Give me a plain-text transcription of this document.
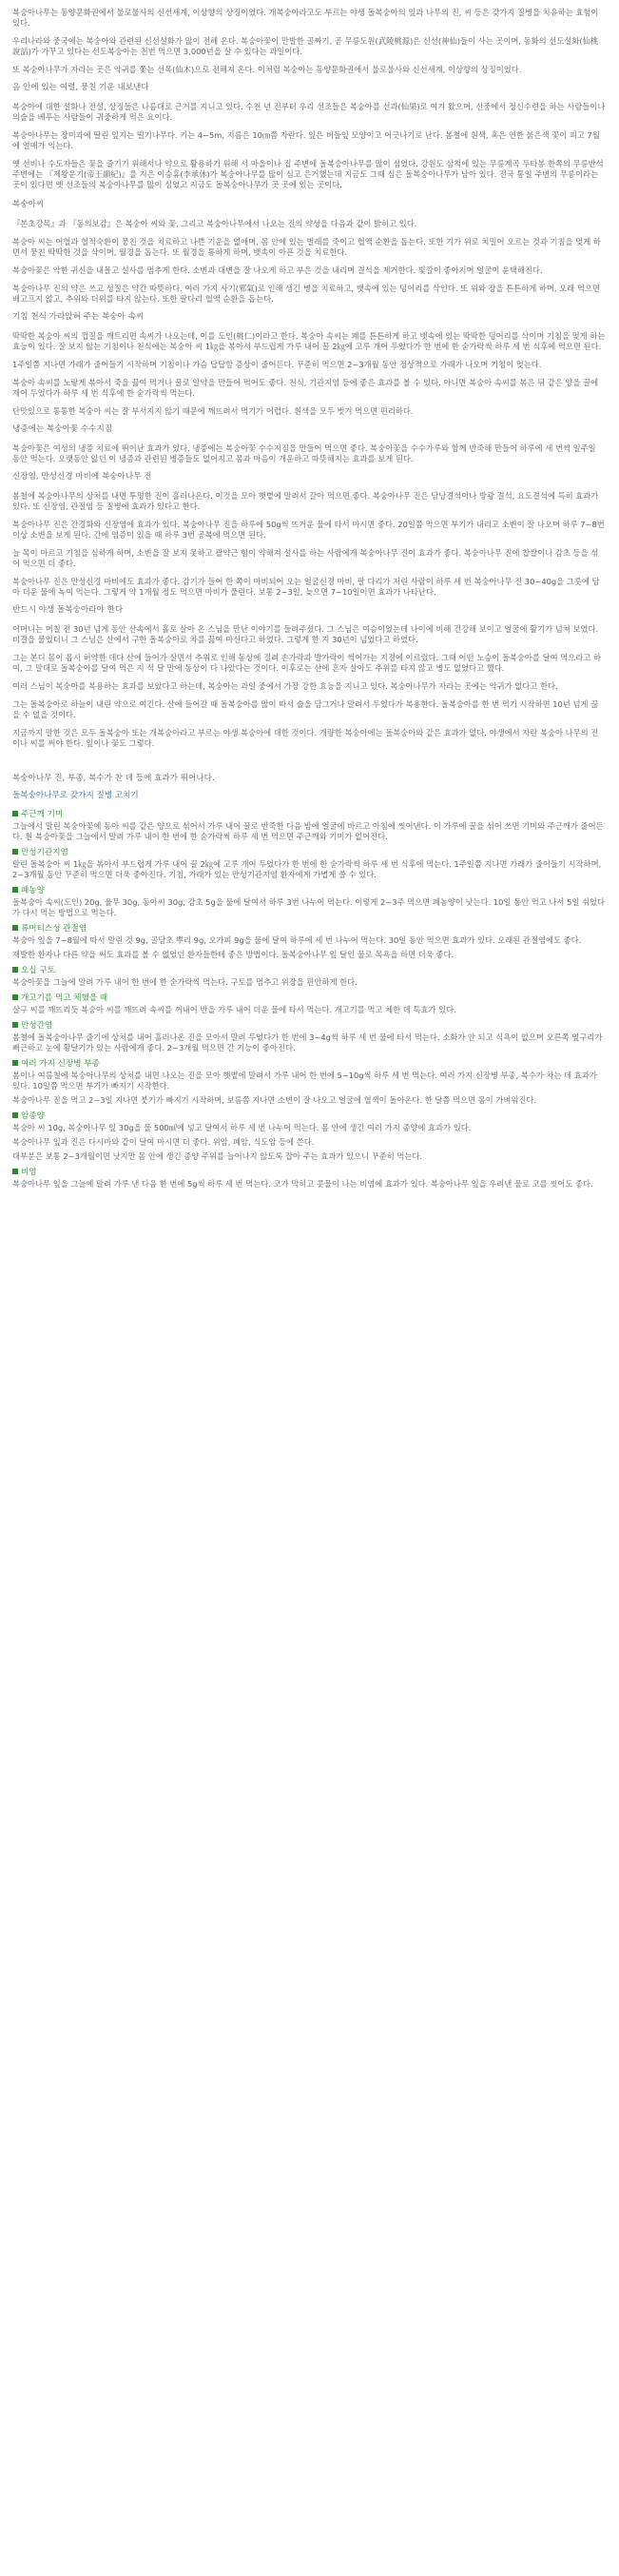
복숭아나무는 동양문화권에서 불로불사의 신선세계, 이상향의 상징이었다. 개복숭아라고도 부르는 야생 돌복숭아의 잎과 나무의 진, 씨 등은 갖가지 질병을 치유하는 효험이 있다.

우리나라와 중국에는 복숭아와 관련된 신선설화가 많이 전해 온다. 복숭아꽃이 만발한 골짜기, 곧 무릉도원(武陵桃源)은 신선(神仙)들이 사는 곳이며, 동화의 선도설화(仙桃說話)가 가꾸고 있다는 선도복숭아는 천번 먹으면 3,000년을 살 수 있다는 과일이다.

또 복숭아나무가 자라는 곳은 악귀를 쫓는 선목(仙木)으로 전해져 온다. 이처럼 복숭아는 동양문화권에서 불로불사와 신선세계, 이상향의 상징이었다.

옴 안에 있는 여렬, 뭉친 기운 내보낸다

복숭아에 대한 설화나 전설, 상징들은 나름대로 근거를 지니고 있다. 수천 년 전부터 우리 선조들은 복숭아를 선과(仙果)로 여겨 왔으며, 신중에서 정신수련을 하는 사람들이나 의술을 베푸는 사람들이 귀중하게 먹은 요이다.

복숭아나무는 장미과에 딸린 잎지는 떨기나무다. 키는 4~5m, 지름은 10㎝쯤 자란다. 잎은 버들잎 모양이고 어긋나기로 난다. 봄철에 흰색, 혹은 연한 붉은색 꽃이 피고 7월에 열매가 익는다.

옛 선비나 수도자들은 꽃을 즐기기 위해서나 약으로 활용하기 위해 서 마을이나 집 주변에 돌복숭아나무를 많이 심었다. 강원도 삼척에 있는 무릉계곡 두타봉 한쪽의 무릉반석 주변에는 『제왕운기(帝王韻紀)』를 지은 이승휴(李承休)가 복숭아나무를 많이 심고 은거했는데 지금도 그때 심은 돌복숭아나무가 남아 있다. 전국 통일 주변의 무릉이라는 곳이 있다면 옛 선조들의 복숭아나무를 많이 심었고 지금도 돌복숭아나무가 곳 곳에 있는 곳이다.

복숭아씨

『본초강목』과 『동의보감』은 복숭아 씨와 꽃, 그리고 복숭아나무에서 나오는 진의 약성을 다음과 같이 밝히고 있다.

복숭아 씨는 어혈과 혈적숙환이 뭉친 것을 치료하고 나쁜 기운을 없애며, 몸 안에 있는 벌레를 죽이고 혈액 순환을 돕는다. 또한 기가 위로 치밀어 오르는 것과 기침을 멎게 하면서 뭉친 딱딱한 것을 삭이며, 월경을 돕는다. 또 월경을 통하게 하며, 뱃속이 아픈 것을 치료한다.

복숭아꽃은 악한 귀신을 내몰고 설사를 멈추게 한다. 소변과 대변을 잘 나오게 하고 부은 것을 내리며 결석을 제거한다. 빛깔이 좋아지며 얼굴이 윤택해진다.

복숭아나무 진의 약은 쓰고 성질은 약간 따뜻하다. 여러 가지 사기(邪氣)로 인해 생긴 병을 치료하고, 뱃속에 있는 덩어리를 삭인다. 또 위와 장을 튼튼하게 하며, 오래 먹으면 배고프지 않고, 추위와 더위를 타지 않는다. 또한 팔다리 혈액 순환을 돕는다.

기침 천식 가라앉혀 주는 복숭아 속씨

딱딱한 복숭아 씨의 껍질을 깨트리면 속씨가 나오는데, 이를 도인(桃仁)이라고 한다. 복숭아 속씨는 폐를 튼튼하게 하고 뱃속에 있는 딱딱한 덩어리를 삭이며 기침을 멎게 하는 효능이 있다. 잘 보지 않는 기침이나 천식에는 복숭아 씨 1㎏을 볶아서 부드럽게 가루 내어 꿀 2㎏에 고루 개어 두었다가 한 번에 한 숟가락씩 하루 세 번 식후에 먹으면 된다.

1주일쯤 지나면 가래가 줄어들기 시작하며 기침이나 가슴 답답함 증상이 줄어든다. 꾸준히 먹으면 2~3개월 동안 정상적으로 가래가 나오며 기침이 멎는다.

복숭아 속씨를 노랗게 볶아서 죽을 끓여 먹거나 꿀로 알약을 만들어 먹어도 좋다. 천식, 기관지염 등에 좋은 효과를 볼 수 있다. 아니면 복숭아 속씨를 볶은 뒤 같은 양을 꿀에 재어 두었다가 하루 세 번 식후에 한 숟가락씩 먹는다.

단맛있으로 통통한 복숭아 씨는 잘 부서지지 않기 때문에 깨뜨려서 먹기가 어렵다. 흰색을 모두 벗겨 먹으면 편리하다.

냉증에는 복숭아꽃 수수지짐

복숭아꽃은 여성의 냉증 치료에 뛰어난 효과가 있다. 냉증에는 복숭아꽃 수수지짐을 만들어 먹으면 좋다. 복숭아꽃을 수수가루와 함께 반죽해 만들어 하루에 세 번씩 일주일 동안 먹는다. 오랫동안 앓던 이 냉증과 관련된 병증들도 없어지고 몸과 마음이 개운하고 따뜻해지는 효과를 보게 된다.

신장염, 만성신경 마비에 복숭아나무 진

봄철에 복숭아나무의 상처를 내면 투명한 진이 흘러나온다. 이것을 모아 햇볕에 말려서 갈아 먹으면 좋다. 복숭아나무 진은 담낭결석이나 방광 결석, 요도결석에 특히 효과가 있다. 또 신장염, 관절염 등 질병에 효과가 있다고 한다.

복숭아나무 진은 간경화와 신장염에 효과가 있다. 복숭아나무 진을 하루에 50g씩 뜨거운 물에 타서 마시면 좋다. 20일쯤 먹으면 부기가 내리고 소변이 잘 나오며 하루 7~8번 이상 소변을 보게 된다. 간에 염증이 있을 때 하루 3번 공복에 먹으면 된다.

늘 목이 마르고 기침을 심하게 하며, 소변을 잘 보지 못하고 괄약근 힘이 약해져 설사를 하는 사람에게 복숭아나무 진이 효과가 좋다. 복숭아나무 진에 찹쌀이나 감초 등을 섞어 먹으면 더 좋다.

복숭아나무 진은 만성신경 마비에도 효과가 좋다. 감기가 들어 한 쪽이 마비되어 오는 얼굴신경 마비, 팔 다리가 저린 사람이 하루 세 번 복숭아나무 진 30~40g을 그릇에 담아 더운 물에 녹여 먹는다. 그렇게 약 1개월 정도 먹으면 마비가 풀린다. 보통 2~3일, 늦으면 7~10일이면 효과가 나타난다.

반드시 야생 돌복숭아라야 한다

어머니는 며칠 전 30년 넘게 동안 산속에서 홀로 살아 온 스님을 만난 이야기를 들려주셨다. 그 스님은 여승이었는데 나이에 비해 건강해 보이고 얼굴에 활기가 넘쳐 보였다. 비결을 물었더니 그 스님은 산에서 구한 돌복숭아로 차를 끓여 마신다고 하였다. 그렇게 한 지 30년이 넘었다고 하였다.

그는 본디 몸이 몹시 허약한 데다 산에 들어가 살면서 추위로 인해 동상에 걸려 손가락과 발가락이 썩어가는 지경에 이르렀다. 그때 어떤 노승이 돌복숭아를 달여 먹으라고 하여, 그 말대로 돌복숭아를 달여 먹은 지 석 달 만에 동상이 다 나았다는 것이다. 이후로는 산에 혼자 살아도 추위를 타지 않고 병도 없었다고 했다.

여러 스님이 복숭아를 복용하는 효과를 보았다고 하는데, 복숭아는 과일 중에서 가장 강한 효능을 지니고 있다. 복숭아나무가 자라는 곳에는 악귀가 없다고 한다.

그는 돌복숭아로 하늘이 내린 약으로 여긴다. 산에 들어갈 때 돌복숭아를 많이 따서 술을 담그거나 말려서 두었다가 복용한다. 돌복숭아를 한 번 먹기 시작하면 10년 넘게 끊을 수 없을 것이다.

지금까지 말한 것은 모두 돌복숭아 또는 개복숭아라고 부르는 야생 복숭아에 대한 것이다. 개량한 복숭아에는 돌복숭아와 같은 효과가 없다. 야생에서 자란 복숭아 나무의 진이나 씨를 써야 한다. 잎이나 꽃도 그렇다.

복숭아나무 진, 부종, 복수가 찬 데 등에 효과가 뛰어나다.

돌복숭아나무로 갖가지 질병 고치기

주근깨 기미

그늘에서 말린 복숭아꽃에 동아 씨를 같은 양으로 섞어서 가루 내어 꿀로 반죽한 다음 밤에 얼굴에 바르고 아침에 씻어낸다. 이 가루에 꿀을 섞어 쓰면 기미와 주근깨가 줄어든다. 흰 복숭아꽃을 그늘에서 말려 가루 내어 한 번에 한 숟가락씩 하루 세 번 먹으면 주근깨와 기미가 없어진다.

만성기관지염

말린 돌복숭아 씨 1㎏을 볶아서 부드럽게 가루 내어 꿀 2㎏에 고루 개어 두었다가 한 번에 한 숟가락씩 하루 세 번 식후에 먹는다. 1주일쯤 지나면 가래가 줄어들기 시작하며, 2~3개월 동안 꾸준히 먹으면 더욱 좋아진다. 기침, 가래가 있는 만성기관지염 환자에게 가볍게 쓸 수 있다.

폐농양

돌복숭아 속씨(도인) 20g, 율무 30g, 동아씨 30g, 감초 5g을 물에 달여서 하루 3번 나누어 먹는다. 이렇게 2~3주 먹으면 폐농양이 낫는다. 10일 동안 먹고 나서 5일 쉬었다가 다시 먹는 방법으로 먹는다.

류머티스성 관절염

복숭아 잎을 7~8월에 따서 말린 것 9g, 골담초 뿌리 9g, 오가피 9g을 물에 달여 하루에 세 번 나누어 먹는다. 30일 동안 먹으면 효과가 있다. 오래된 관절염에도 좋다.

재발한 환자나 다른 약을 써도 효과를 볼 수 없었던 환자들한테 좋은 방법이다. 돌복숭아나무 잎 달인 물로 목욕을 하면 더욱 좋다.

오십 구토

복숭아꽃을 그늘에 말려 가루 내어 한 번에 한 숟가락씩 먹는다. 구토를 멈추고 위장을 편안하게 한다.

개고기를 먹고 체했을 때

살구 씨를 깨뜨리듯 복숭아 씨를 깨뜨려 속씨를 꺼내어 반을 가루 내어 더운 물에 타서 먹는다. 개고기를 먹고 체한 데 특효가 있다.

만성간염

봄철에 돌복숭아나무 줄기에 상처를 내어 흘러나온 진을 모아서 말려 두었다가 한 번에 3~4g씩 하루 세 번 물에 타서 먹는다. 소화가 안 되고 식욕이 없으며 오른쪽 옆구리가 뻐근하고 눈에 황달기가 있는 사람에게 좋다. 2~3개월 먹으면 간 기능이 좋아진다.

여러 가지 신장병 부종

봄이나 여름철에 복숭아나무의 상처를 내면 나오는 진을 모아 햇볕에 말려서 가루 내어 한 번에 5~10g씩 하루 세 번 먹는다. 여러 가지 신장병 부종, 복수가 차는 데 효과가 있다. 10일쯤 먹으면 부기가 빠지기 시작한다.

복숭아나무 진을 먹고 2~3일 지나면 붓기가 빠지기 시작하며, 보름쯤 지나면 소변이 잘 나오고 얼굴에 혈색이 돌아온다. 한 달쯤 먹으면 몸이 가벼워진다.

암종양

복숭아 씨 10g, 복숭아나무 잎 30g을 물 500㎖에 넣고 달여서 하루 세 번 나누어 먹는다. 몸 안에 생긴 여러 가지 종양에 효과가 있다.

복숭아나무 잎과 진은 다시마와 같이 달여 마시면 더 좋다. 위암, 폐암, 식도암 등에 쓴다.

대부분은 보통 2~3개월이면 낫지만 몸 안에 생긴 종양 주위를 늘어나지 않도록 잡아 주는 효과가 있으니 꾸준히 먹는다.

비염

복숭아나무 잎을 그늘에 말려 가루 낸 다음 한 번에 5g씩 하루 세 번 먹는다. 코가 막히고 콧물이 나는 비염에 효과가 있다. 복숭아나무 잎을 우려낸 물로 코를 씻어도 좋다.
